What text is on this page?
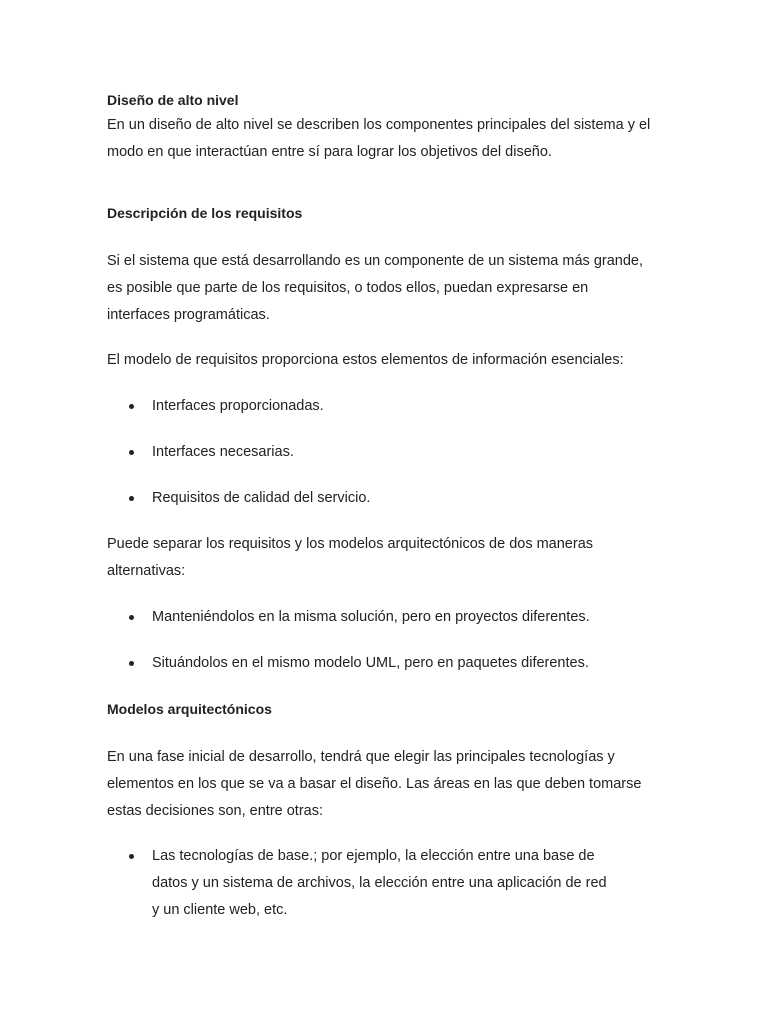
Diseño de alto nivel

En un diseño de alto nivel se describen los componentes principales del sistema y el modo en que interactúan entre sí para lograr los objetivos del diseño.

Descripción de los requisitos

Si el sistema que está desarrollando es un componente de un sistema más grande, es posible que parte de los requisitos, o todos ellos, puedan expresarse en interfaces programáticas.

El modelo de requisitos proporciona estos elementos de información esenciales:

Interfaces proporcionadas.
Interfaces necesarias.
Requisitos de calidad del servicio.

Puede separar los requisitos y los modelos arquitectónicos de dos maneras alternativas:

Manteniéndolos en la misma solución, pero en proyectos diferentes.
Situándolos en el mismo modelo UML, pero en paquetes diferentes.

Modelos arquitectónicos

En una fase inicial de desarrollo, tendrá que elegir las principales tecnologías y elementos en los que se va a basar el diseño. Las áreas en las que deben tomarse estas decisiones son, entre otras:

Las tecnologías de base.; por ejemplo, la elección entre una base de datos y un sistema de archivos, la elección entre una aplicación de red y un cliente web, etc.
